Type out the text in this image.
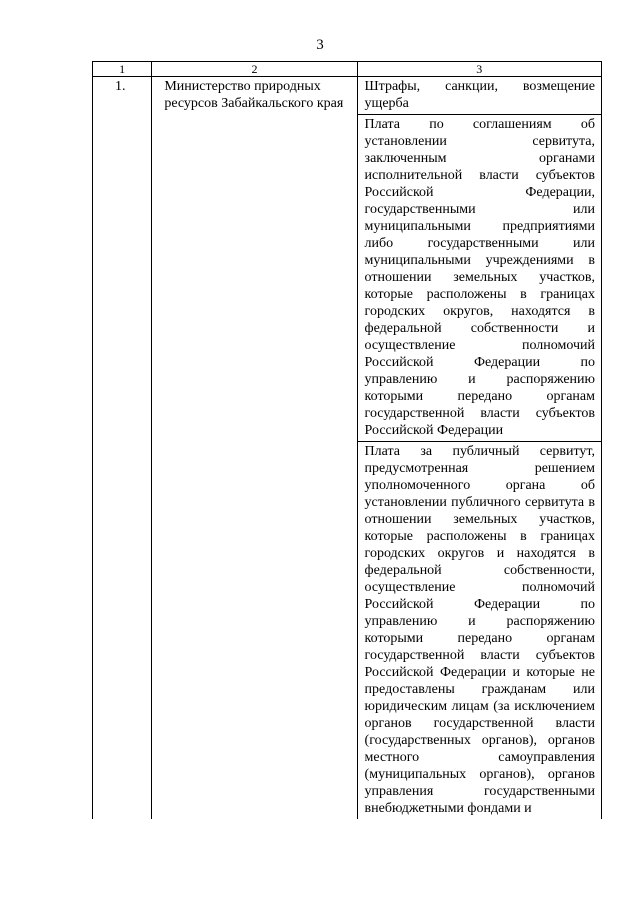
3
1	2	3
1.	Министерство природных ресурсов Забайкальского края	Штрафы, санкции, возмещение ущерба
		Плата по соглашениям об установлении сервитута, заключенным органами исполнительной власти субъектов Российской Федерации, государственными или муниципальными предприятиями либо государственными или муниципальными учреждениями в отношении земельных участков, которые расположены в границах городских округов, находятся в федеральной собственности и осуществление полномочий Российской Федерации по управлению и распоряжению которыми передано органам государственной власти субъектов Российской Федерации
		Плата за публичный сервитут, предусмотренная решением уполномоченного органа об установлении публичного сервитута в отношении земельных участков, которые расположены в границах городских округов и находятся в федеральной собственности, осуществление полномочий Российской Федерации по управлению и распоряжению которыми передано органам государственной власти субъектов Российской Федерации и которые не предоставлены гражданам или юридическим лицам (за исключением органов государственной власти (государственных органов), органов местного самоуправления (муниципальных органов), органов управления государственными внебюджетными фондами и
